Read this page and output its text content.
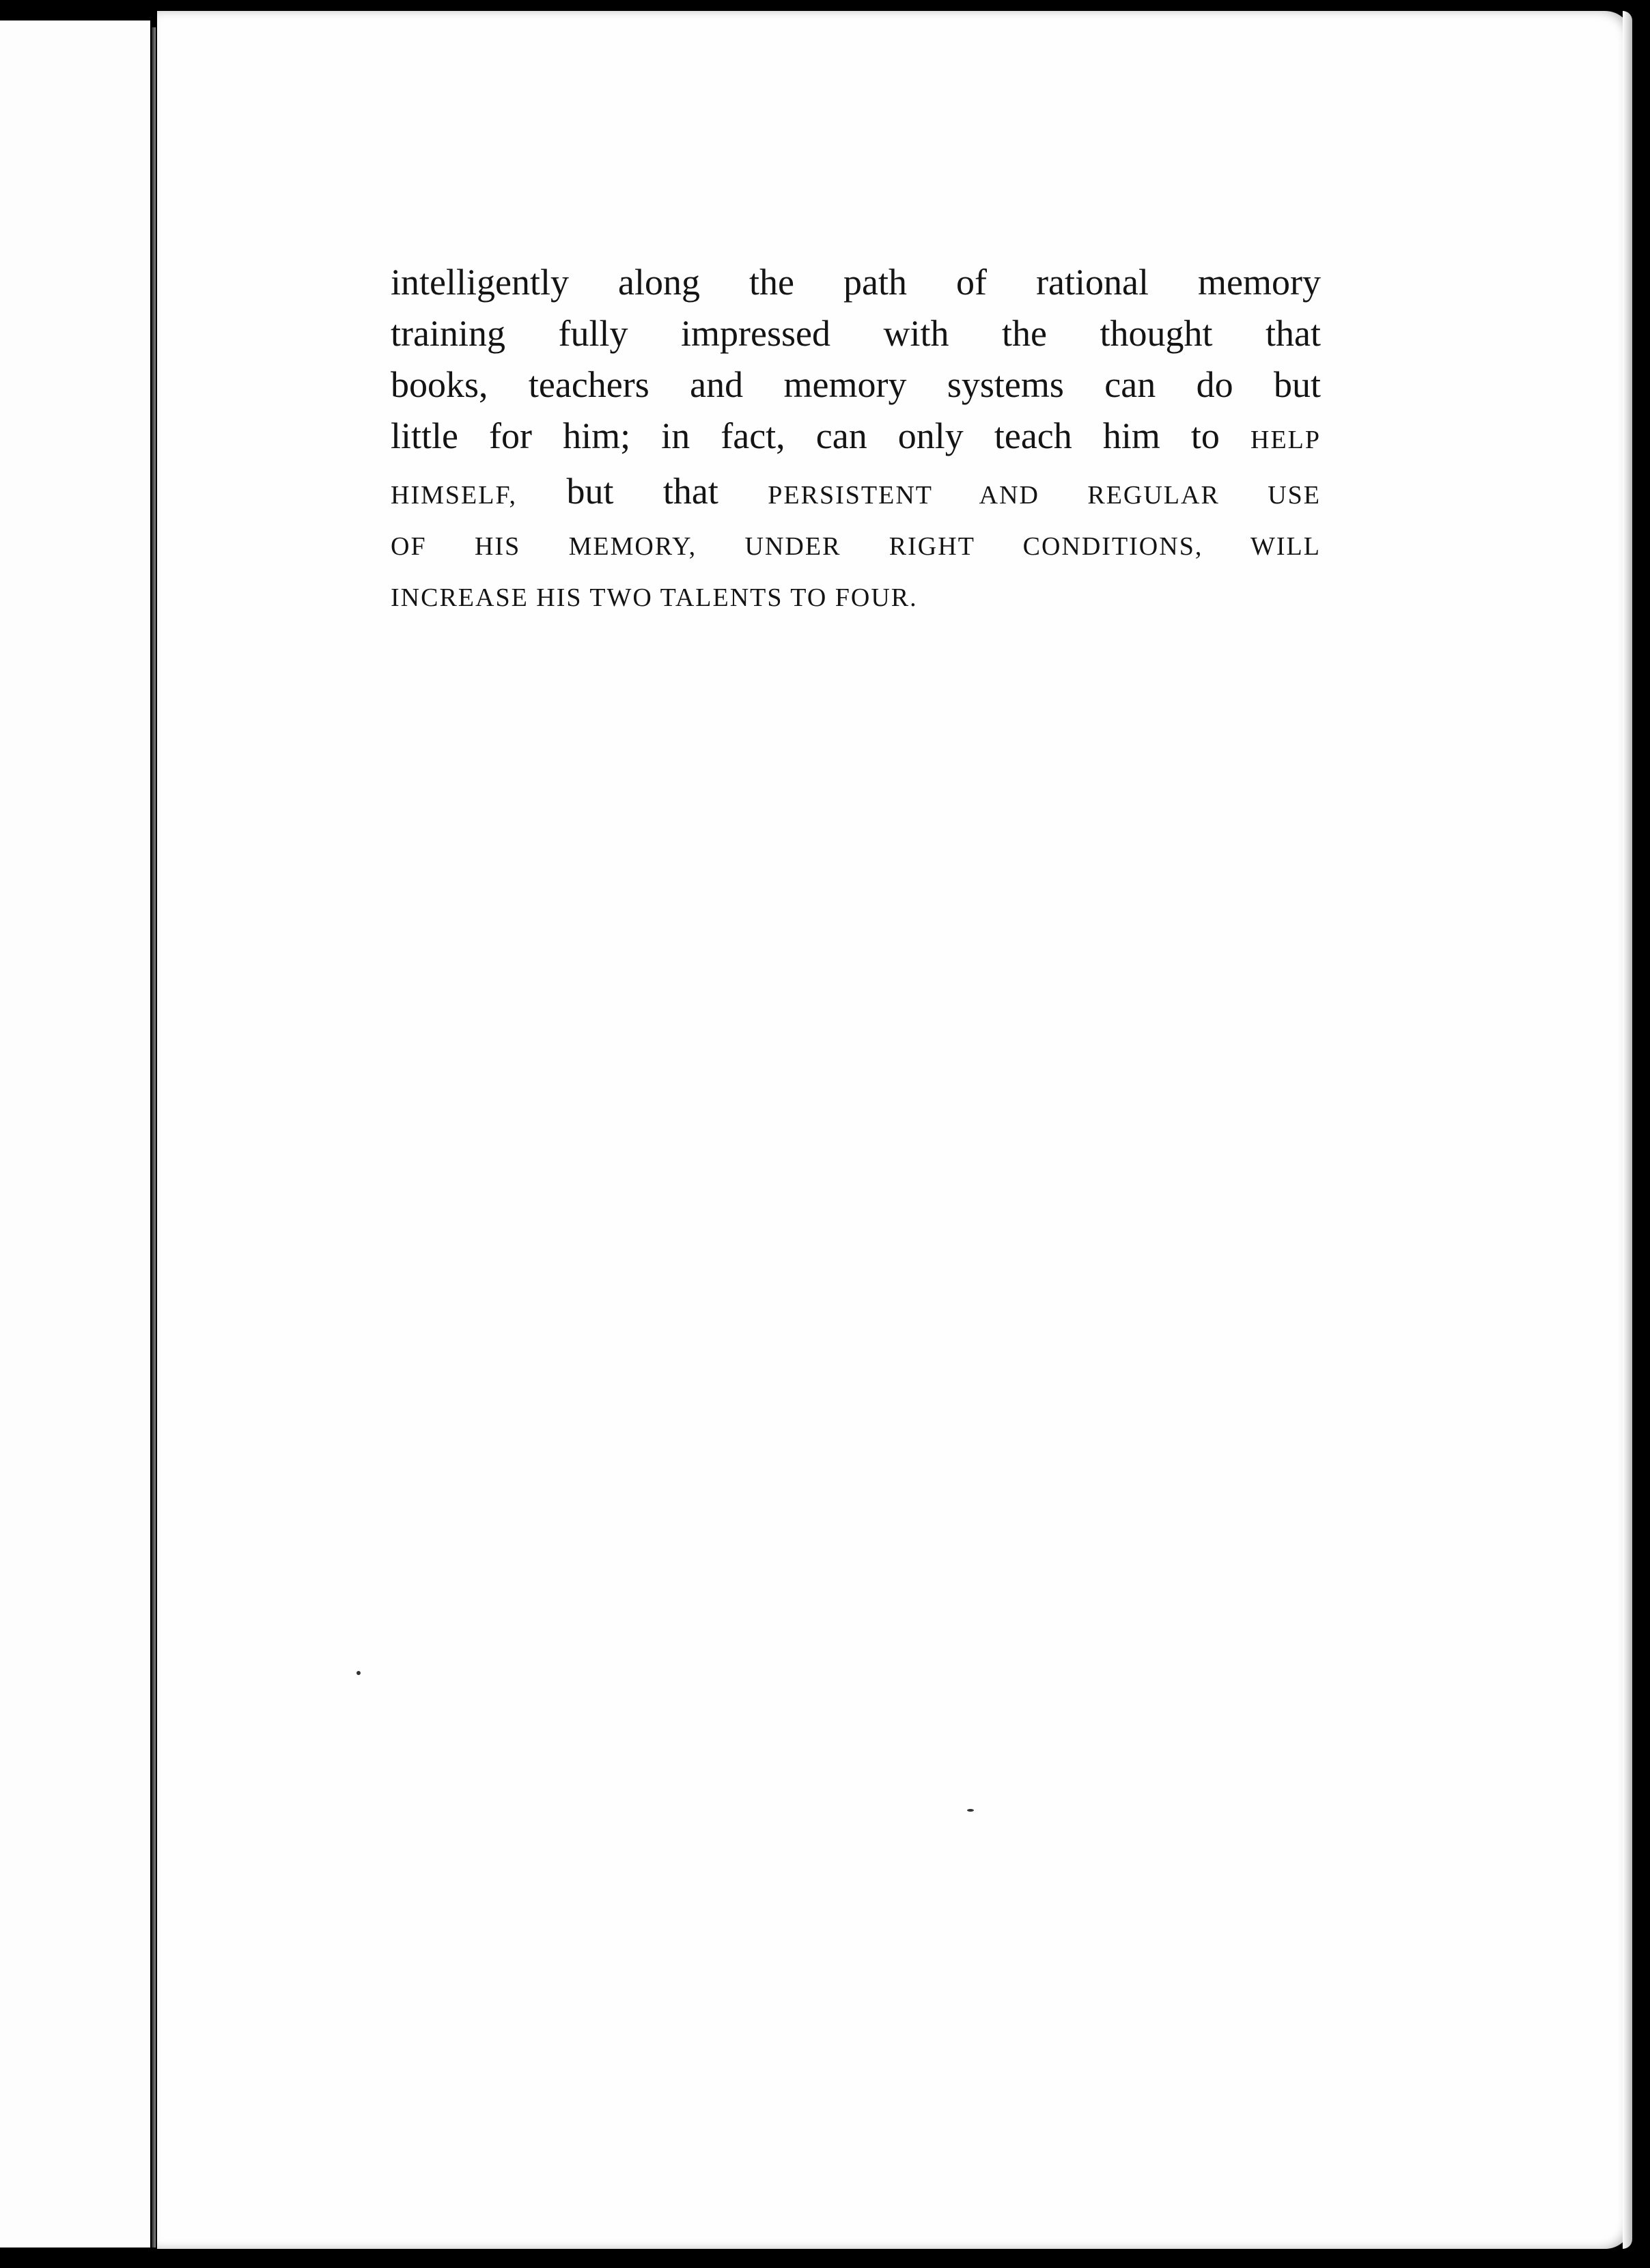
intelligently along the path of rational memory
training fully impressed with the thought that
books, teachers and memory systems can do but
little for him; in fact, can only teach him to HELP
HIMSELF, but that PERSISTENT AND REGULAR USE
OF HIS MEMORY, UNDER RIGHT CONDITIONS, WILL
INCREASE HIS TWO TALENTS TO FOUR.
